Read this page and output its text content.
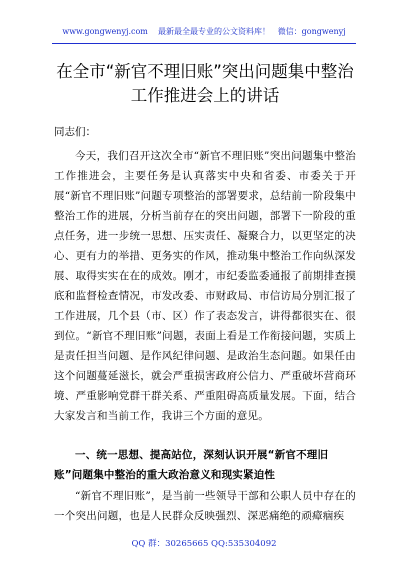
www.gongwenyj.com 最新最全最专业的公文资料库！ 微信：gongwenyj
在全市“新官不理旧账”突出问题集中整治工作推进会上的讲话

同志们：

今天，我们召开这次全市“新官不理旧账”突出问题集中整治工作推进会，主要任务是认真落实中央和省委、市委关于开展“新官不理旧账”问题专项整治的部署要求，总结前一阶段集中整治工作的进展，分析当前存在的突出问题，部署下一阶段的重点任务，进一步统一思想、压实责任、凝聚合力，以更坚定的决心、更有力的举措、更务实的作风，推动集中整治工作向纵深发展、取得实实在在的成效。刚才，市纪委监委通报了前期排查摸底和监督检查情况，市发改委、市财政局、市信访局分别汇报了工作进展，几个县（市、区）作了表态发言，讲得都很实在、很到位。“新官不理旧账”问题，表面上看是工作衔接问题，实质上是责任担当问题、是作风纪律问题、是政治生态问题。如果任由这个问题蔓延滋长，就会严重损害政府公信力、严重破坏营商环境、严重影响党群干群关系、严重阻碍高质量发展。下面，结合大家发言和当前工作，我讲三个方面的意见。

一、统一思想、提高站位，深刻认识开展“新官不理旧账”问题集中整治的重大政治意义和现实紧迫性

“新官不理旧账”，是当前一些领导干部和公职人员中存在的一个突出问题，也是人民群众反映强烈、深恶痛绝的顽瘴痼疾

QQ 群：30265665 QQ:535304092
